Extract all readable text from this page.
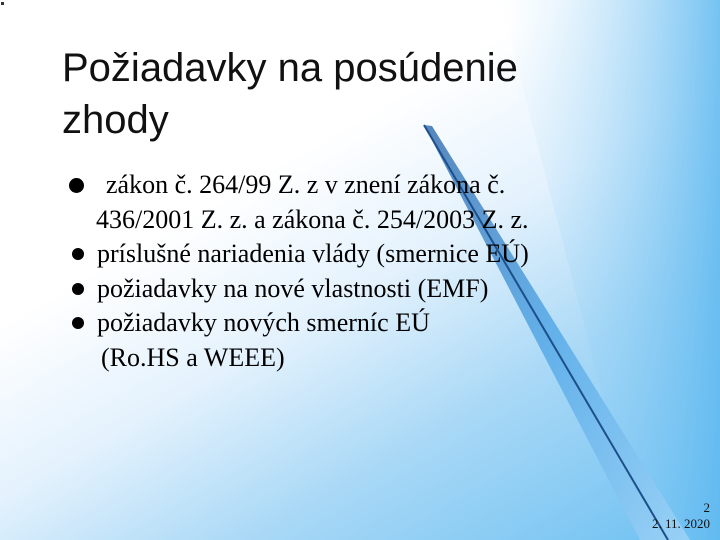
Požiadavky na posúdenie
zhody
zákon č. 264/99 Z. z v znení zákona č.
436/2001 Z. z. a zákona č. 254/2003 Z. z.
príslušné nariadenia vlády (smernice EÚ)
požiadavky na nové vlastnosti (EMF)
požiadavky nových smerníc EÚ
(Ro.HS a WEEE)
2
2. 11. 2020
